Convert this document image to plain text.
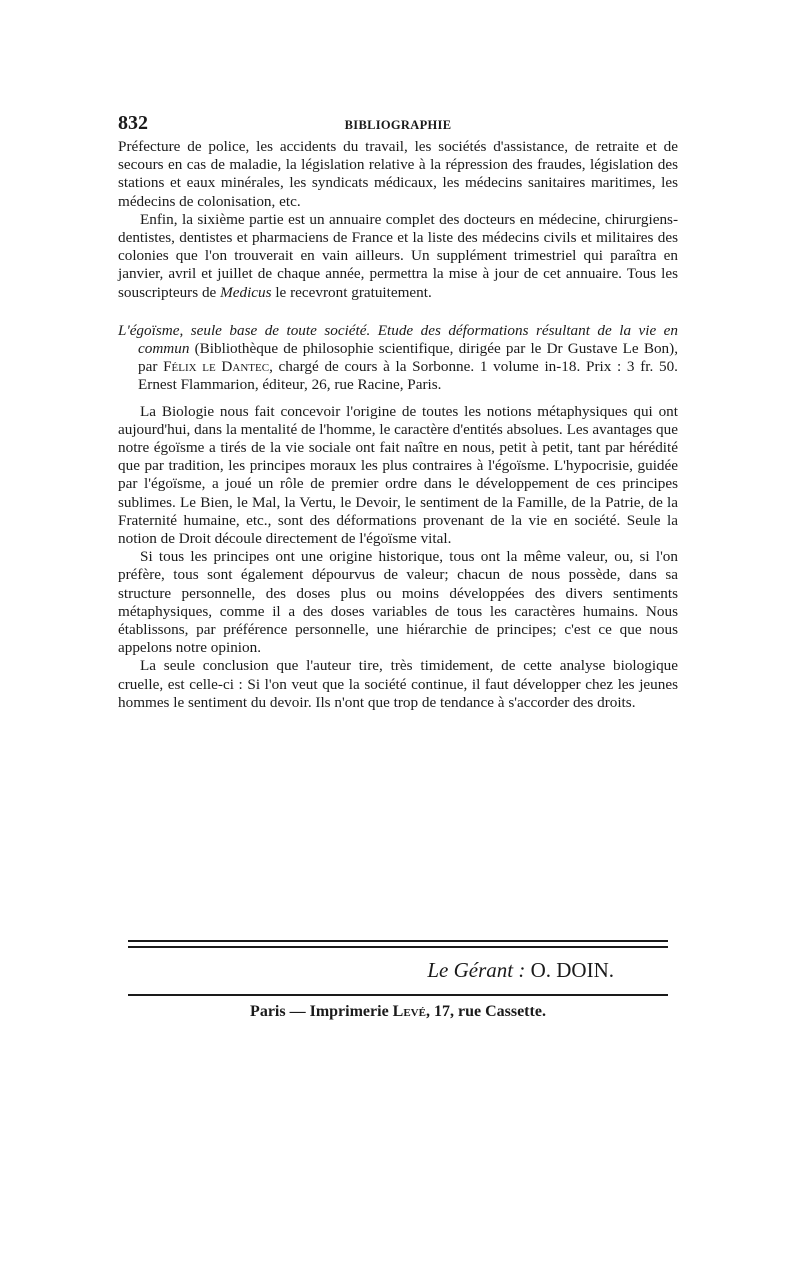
832	BIBLIOGRAPHIE

Préfecture de police, les accidents du travail, les sociétés d'assistance, de retraite et de secours en cas de maladie, la législation relative à la répression des fraudes, législation des stations et eaux minérales, les syndicats médicaux, les médecins sanitaires maritimes, les médecins de colonisation, etc.

Enfin, la sixième partie est un annuaire complet des docteurs en médecine, chirurgiens-dentistes, dentistes et pharmaciens de France et la liste des médecins civils et militaires des colonies que l'on trouverait en vain ailleurs. Un supplément trimestriel qui paraîtra en janvier, avril et juillet de chaque année, permettra la mise à jour de cet annuaire. Tous les souscripteurs de Medicus le recevront gratuitement.

L'égoïsme, seule base de toute société. Etude des déformations résultant de la vie en commun (Bibliothèque de philosophie scientifique, dirigée par le Dr Gustave Le Bon), par Félix le Dantec, chargé de cours à la Sorbonne. 1 volume in-18. Prix : 3 fr. 50. Ernest Flammarion, éditeur, 26, rue Racine, Paris.

La Biologie nous fait concevoir l'origine de toutes les notions métaphysiques qui ont aujourd'hui, dans la mentalité de l'homme, le caractère d'entités absolues. Les avantages que notre égoïsme a tirés de la vie sociale ont fait naître en nous, petit à petit, tant par hérédité que par tradition, les principes moraux les plus contraires à l'égoïsme. L'hypocrisie, guidée par l'égoïsme, a joué un rôle de premier ordre dans le développement de ces principes sublimes. Le Bien, le Mal, la Vertu, le Devoir, le sentiment de la Famille, de la Patrie, de la Fraternité humaine, etc., sont des déformations provenant de la vie en société. Seule la notion de Droit découle directement de l'égoïsme vital.

Si tous les principes ont une origine historique, tous ont la même valeur, ou, si l'on préfère, tous sont également dépourvus de valeur; chacun de nous possède, dans sa structure personnelle, des doses plus ou moins développées des divers sentiments métaphysiques, comme il a des doses variables de tous les caractères humains. Nous établissons, par préférence personnelle, une hiérarchie de principes; c'est ce que nous appelons notre opinion.

La seule conclusion que l'auteur tire, très timidement, de cette analyse biologique cruelle, est celle-ci : Si l'on veut que la société continue, il faut développer chez les jeunes hommes le sentiment du devoir. Ils n'ont que trop de tendance à s'accorder des droits.

Le Gérant : O. DOIN.
Paris — Imprimerie Levé, 17, rue Cassette.
